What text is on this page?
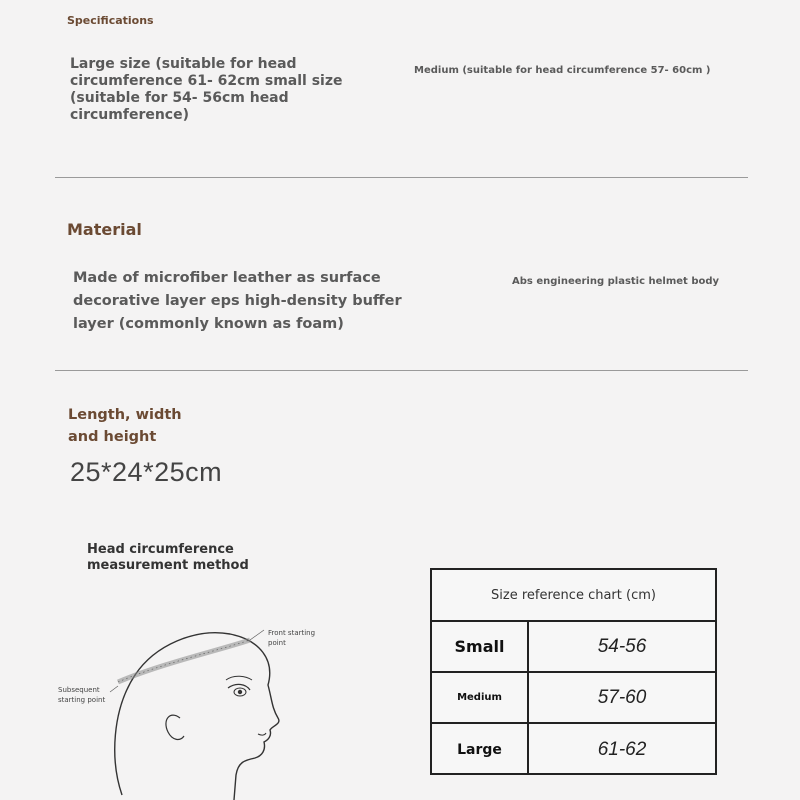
Specifications
Large size (suitable for head circumference 61- 62cm small size (suitable for 54- 56cm head circumference)
Medium (suitable for head circumference 57- 60cm )
Material
Made of microfiber leather as surface decorative layer eps high-density buffer layer (commonly known as foam)
Abs engineering plastic helmet body
Length, width and height
25*24*25cm
Head circumference measurement method
Front starting point
Subsequent starting point
Size reference chart (cm)
Small	54-56
Medium	57-60
Large	61-62
